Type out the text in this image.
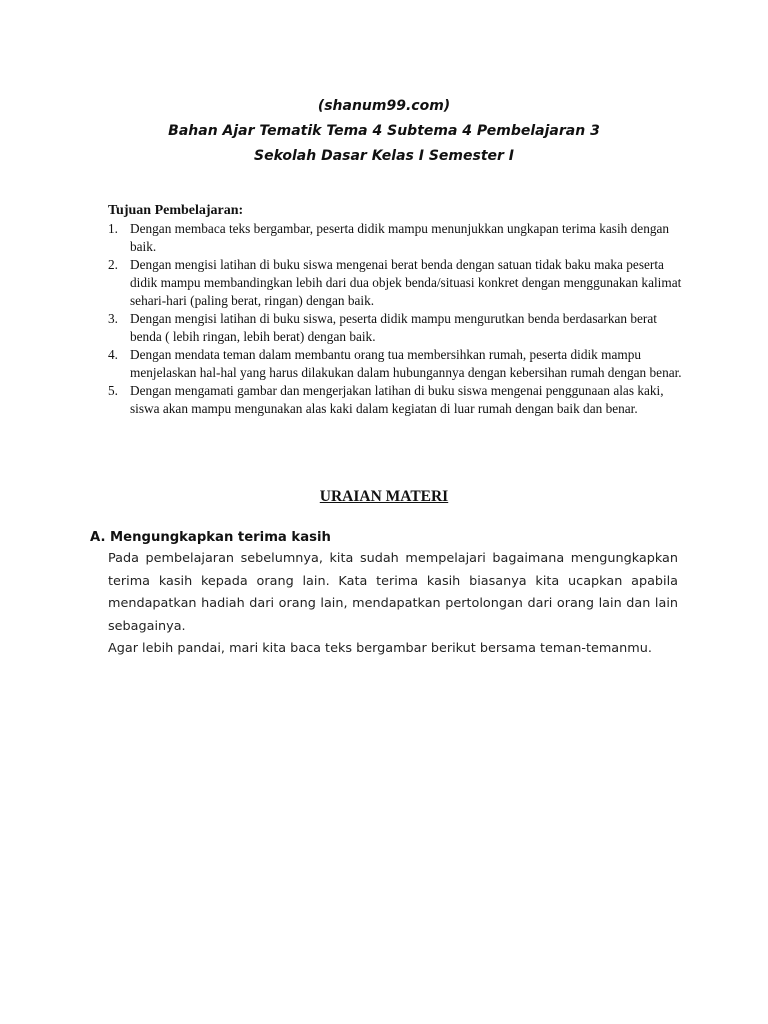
(shanum99.com)
Bahan Ajar Tematik Tema 4 Subtema 4 Pembelajaran 3
Sekolah Dasar Kelas I Semester I
Tujuan Pembelajaran:
1. Dengan membaca teks bergambar, peserta didik mampu menunjukkan ungkapan terima kasih dengan baik.
2. Dengan mengisi latihan di buku siswa mengenai berat benda dengan satuan tidak baku maka peserta didik mampu membandingkan lebih dari dua objek benda/situasi konkret dengan menggunakan kalimat sehari-hari (paling berat, ringan) dengan baik.
3. Dengan mengisi latihan di buku siswa, peserta didik mampu mengurutkan benda berdasarkan berat benda ( lebih ringan, lebih berat) dengan baik.
4. Dengan mendata teman dalam membantu orang tua membersihkan rumah, peserta didik mampu menjelaskan hal-hal yang harus dilakukan dalam hubungannya dengan kebersihan rumah dengan benar.
5. Dengan mengamati gambar dan mengerjakan latihan di buku siswa mengenai penggunaan alas kaki, siswa akan mampu mengunakan alas kaki dalam kegiatan di luar rumah dengan baik dan benar.
URAIAN MATERI
A. Mengungkapkan terima kasih
Pada pembelajaran sebelumnya, kita sudah mempelajari bagaimana mengungkapkan terima kasih kepada orang lain. Kata terima kasih biasanya kita ucapkan apabila mendapatkan hadiah dari orang lain, mendapatkan pertolongan dari orang lain dan lain sebagainya.
Agar lebih pandai, mari kita baca teks bergambar berikut bersama teman-temanmu.
